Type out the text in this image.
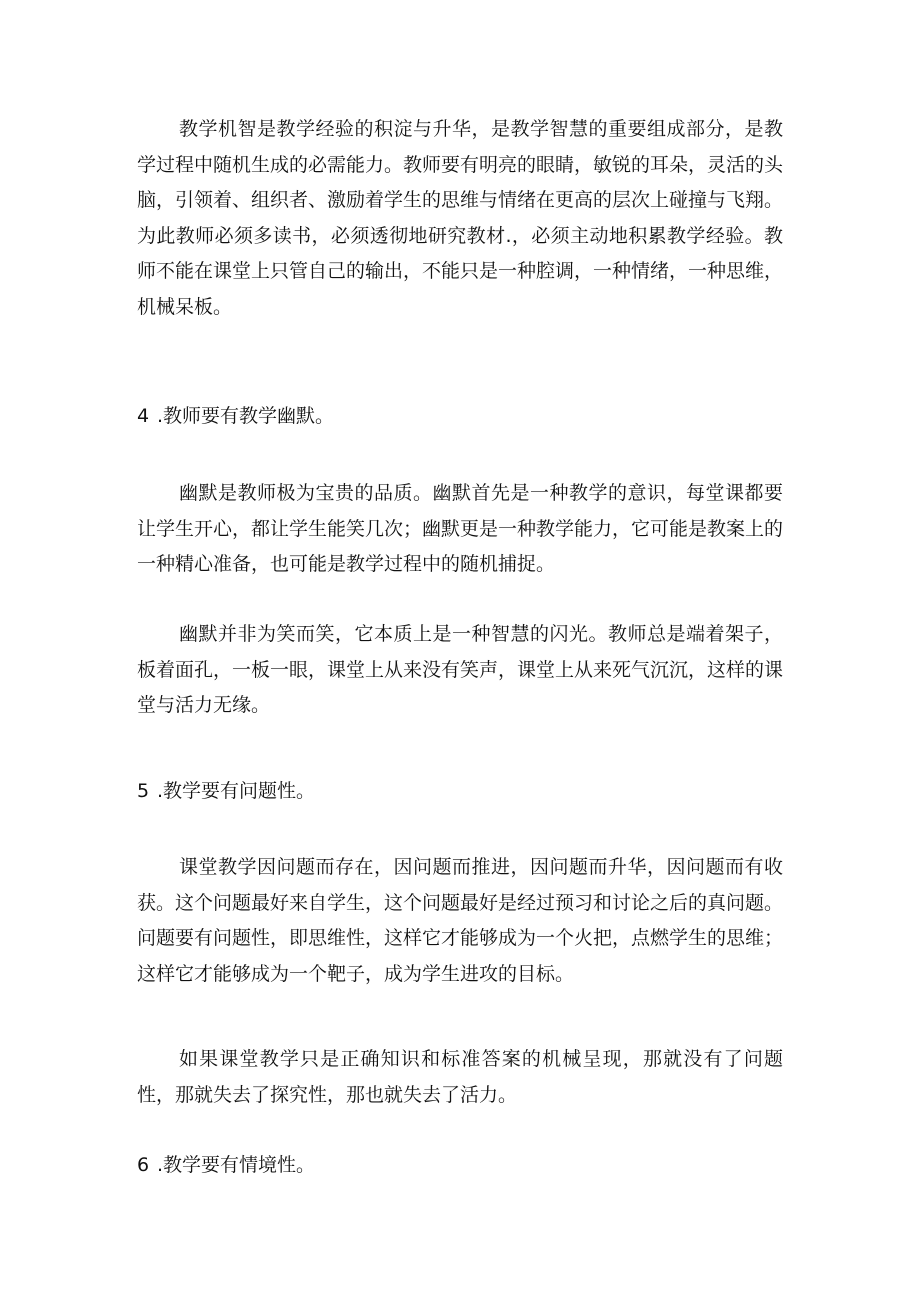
教学机智是教学经验的积淀与升华，是教学智慧的重要组成部分，是教学过程中随机生成的必需能力。教师要有明亮的眼睛，敏锐的耳朵，灵活的头脑，引领着、组织者、激励着学生的思维与情绪在更高的层次上碰撞与飞翔。为此教师必须多读书，必须透彻地研究教材.，必须主动地积累教学经验。教师不能在课堂上只管自己的输出，不能只是一种腔调，一种情绪，一种思维，机械呆板。

4 .教师要有教学幽默。

幽默是教师极为宝贵的品质。幽默首先是一种教学的意识，每堂课都要让学生开心，都让学生能笑几次；幽默更是一种教学能力，它可能是教案上的一种精心准备，也可能是教学过程中的随机捕捉。

幽默并非为笑而笑，它本质上是一种智慧的闪光。教师总是端着架子，板着面孔，一板一眼，课堂上从来没有笑声，课堂上从来死气沉沉，这样的课堂与活力无缘。

5 .教学要有问题性。

课堂教学因问题而存在，因问题而推进，因问题而升华，因问题而有收获。这个问题最好来自学生，这个问题最好是经过预习和讨论之后的真问题。问题要有问题性，即思维性，这样它才能够成为一个火把，点燃学生的思维；这样它才能够成为一个靶子，成为学生进攻的目标。

如果课堂教学只是正确知识和标准答案的机械呈现，那就没有了问题性，那就失去了探究性，那也就失去了活力。

6 .教学要有情境性。
